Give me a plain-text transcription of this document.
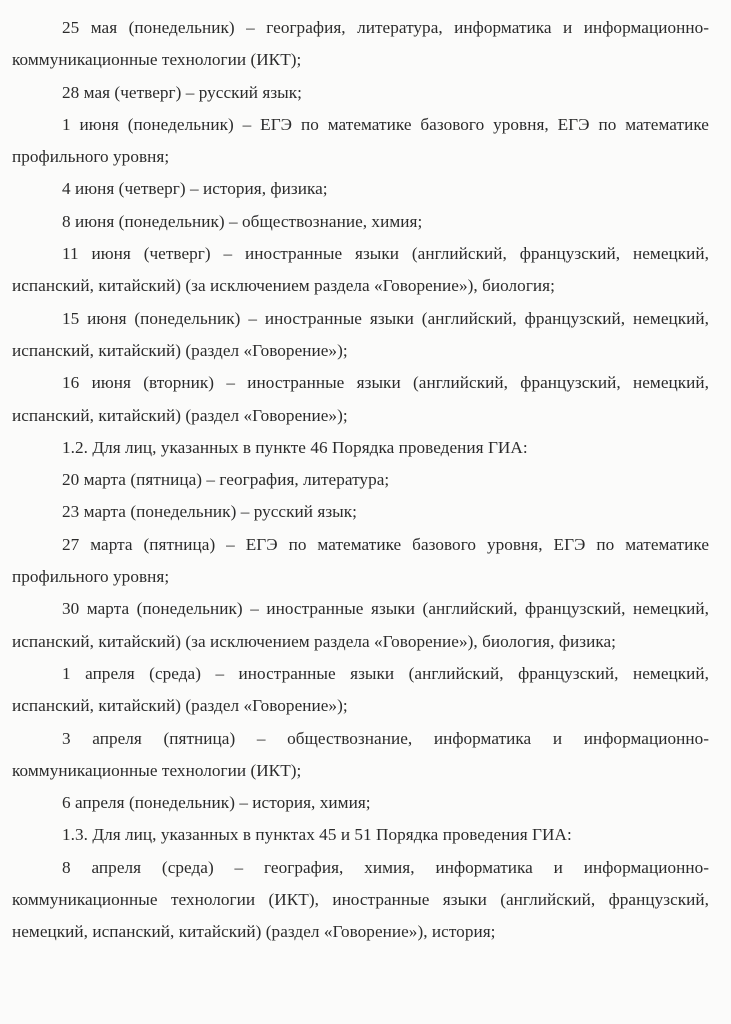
25 мая (понедельник) – география, литература, информатика и информационно-коммуникационные технологии (ИКТ);

28 мая (четверг) – русский язык;

1 июня (понедельник) – ЕГЭ по математике базового уровня, ЕГЭ по математике профильного уровня;

4 июня (четверг) – история, физика;

8 июня (понедельник) – обществознание, химия;

11 июня (четверг) – иностранные языки (английский, французский, немецкий, испанский, китайский) (за исключением раздела «Говорение»), биология;

15 июня (понедельник) – иностранные языки (английский, французский, немецкий, испанский, китайский) (раздел «Говорение»);

16 июня (вторник) – иностранные языки (английский, французский, немецкий, испанский, китайский) (раздел «Говорение»);

1.2. Для лиц, указанных в пункте 46 Порядка проведения ГИА:

20 марта (пятница) – география, литература;

23 марта (понедельник) – русский язык;

27 марта (пятница) – ЕГЭ по математике базового уровня, ЕГЭ по математике профильного уровня;

30 марта (понедельник) – иностранные языки (английский, французский, немецкий, испанский, китайский) (за исключением раздела «Говорение»), биология, физика;

1 апреля (среда) – иностранные языки (английский, французский, немецкий, испанский, китайский) (раздел «Говорение»);

3 апреля (пятница) – обществознание, информатика и информационно-коммуникационные технологии (ИКТ);

6 апреля (понедельник) – история, химия;

1.3. Для лиц, указанных в пунктах 45 и 51 Порядка проведения ГИА:

8 апреля (среда) – география, химия, информатика и информационно-коммуникационные технологии (ИКТ), иностранные языки (английский, французский, немецкий, испанский, китайский) (раздел «Говорение»), история;
